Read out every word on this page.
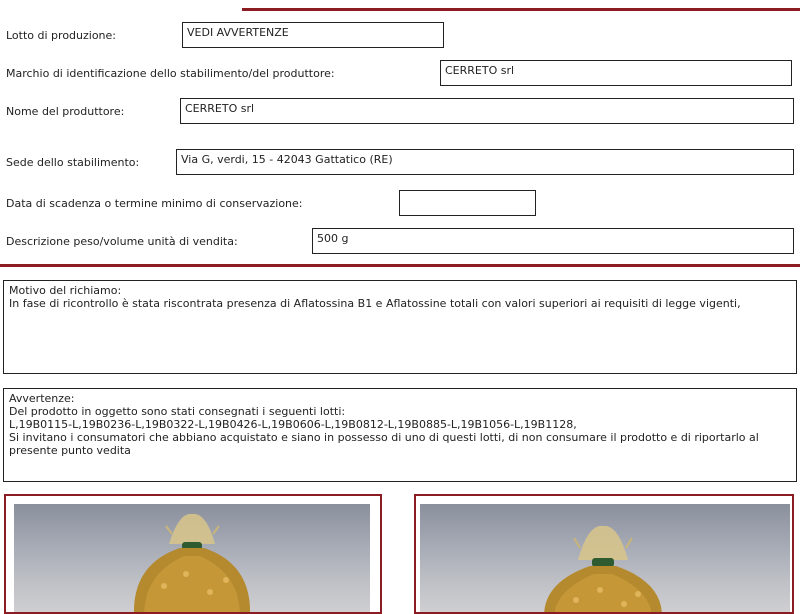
Lotto di produzione:	VEDI AVVERTENZE
Marchio di identificazione dello stabilimento/del produttore:	CERRETO srl
Nome del produttore:	CERRETO srl
Sede dello stabilimento:	Via G, verdi, 15 - 42043 Gattatico (RE)
Data di scadenza o termine minimo di conservazione:
Descrizione peso/volume unità di vendita:	500 g
Motivo del richiamo:
In fase di ricontrollo è stata riscontrata presenza di Aflatossina B1 e Aflatossine totali con valori superiori ai requisiti di legge vigenti,
Avvertenze:
Del prodotto in oggetto sono stati consegnati i seguenti lotti:
L,19B0115-L,19B0236-L,19B0322-L,19B0426-L,19B0606-L,19B0812-L,19B0885-L,19B1056-L,19B1128,
Si invitano i consumatori che abbiano acquistato e siano in possesso di uno di questi lotti, di non consumare il prodotto e di riportarlo al presente punto vedita
